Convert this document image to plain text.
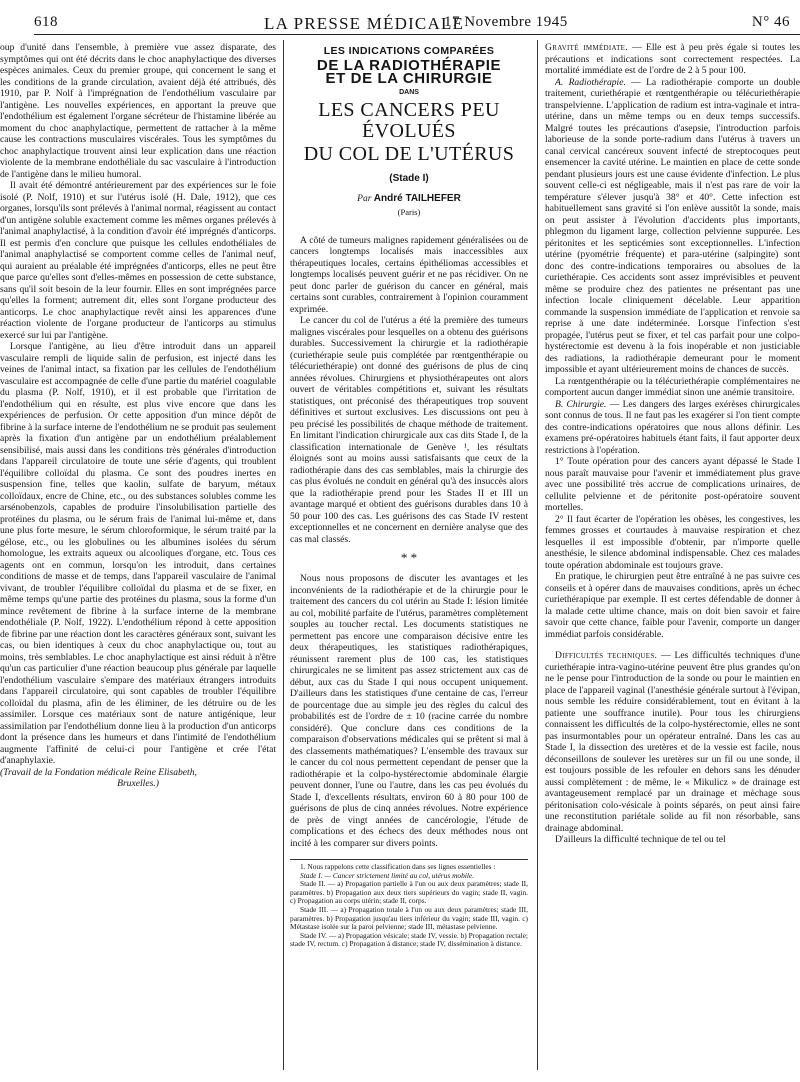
618	LA PRESSE MÉDICALE
17 Novembre 1945	N° 46

oup d'unité dans l'ensemble, à première vue assez disparate, des symptômes qui ont été décrits dans le choc anaphylactique des diverses espèces animales. Ceux du premier groupe, qui concernent le sang et les conditions de la grande circulation, avaient déjà été attribués, dès 1910, par P. Nolf à l'imprégnation de l'endothélium vasculaire par l'antigène. Les nouvelles expériences, en apportant la preuve que l'endothélium est également l'organe sécréteur de l'histamine libérée au moment du choc anaphylactique, permettent de rattacher à la même cause les contractions musculaires viscérales. Tous les symptômes du choc anaphylactique trouvent ainsi leur explication dans une réaction violente de la membrane endothéliale du sac vasculaire à l'introduction de l'antigène dans le milieu humoral.

Il avait été démontré antérieurement par des expériences sur le foie isolé (P. Nolf, 1910) et sur l'utérus isolé (H. Dale, 1912), que ces organes, lorsqu'ils sont prélevés à l'animal normal, réagissent au contact d'un antigène soluble exactement comme les mêmes organes prélevés à l'animal anaphylactisé, à la condition d'avoir été imprégnés d'anticorps. Il est permis d'en conclure que puisque les cellules endothéliales de l'animal anaphylactisé se comportent comme celles de l'animal neuf, qui auraient au préalable été imprégnées d'anticorps, elles ne peut être que parce qu'elles sont d'elles-mêmes en possession de cette substance, sans qu'il soit besoin de la leur fournir. Elles en sont imprégnées parce qu'elles la forment; autrement dit, elles sont l'organe producteur des anticorps. Le choc anaphylactique revêt ainsi les apparences d'une réaction violente de l'organe producteur de l'anticorps au stimulus exercé sur lui par l'antigène.

Lorsque l'antigène, au lieu d'être introduit dans un appareil vasculaire rempli de liquide salin de perfusion, est injecté dans les veines de l'animal intact, sa fixation par les cellules de l'endothélium vasculaire est accompagnée de celle d'une partie du matériel coagulable du plasma (P. Nolf, 1910), et il est probable que l'irritation de l'endothélium qui en résulte, est plus vive encore que dans les expériences de perfusion. Or cette apposition d'un mince dépôt de fibrine à la surface interne de l'endothélium ne se produit pas seulement après la fixation d'un antigène par un endothélium préalablement sensibilisé, mais aussi dans les conditions très générales d'introduction dans l'appareil circulatoire de toute une série d'agents, qui troublent l'équilibre colloïdal du plasma. Ce sont des poudres inertes en suspension fine, telles que kaolin, sulfate de baryum, métaux colloïdaux, encre de Chine, etc., ou des substances solubles comme les arsénobenzols, capables de produire l'insolubilisation partielle des protéines du plasma, ou le sérum frais de l'animal lui-même et, dans une plus forte mesure, le sérum chloroformique, le sérum traité par la gélose, etc., ou les globulines ou les albumines isolées du sérum homologue, les extraits aqueux ou alcooliques d'organe, etc. Tous ces agents ont en commun, lorsqu'on les introduit, dans certaines conditions de masse et de temps, dans l'appareil vasculaire de l'animal vivant, de troubler l'équilibre colloïdal du plasma et de se fixer, en même temps qu'une partie des protéines du plasma, sous la forme d'un mince revêtement de fibrine à la surface interne de la membrane endothéliale (P. Nolf, 1922). L'endothélium répond à cette apposition de fibrine par une réaction dont les caractères généraux sont, suivant les cas, ou bien identiques à ceux du choc anaphylactique ou, tout au moins, très semblables. Le choc anaphylactique est ainsi réduit à n'être qu'un cas particulier d'une réaction beaucoup plus générale par laquelle l'endothélium vasculaire s'empare des matériaux étrangers introduits dans l'appareil circulatoire, qui sont capables de troubler l'équilibre colloïdal du plasma, afin de les éliminer, de les détruire ou de les assimiler. Lorsque ces matériaux sont de nature antigénique, leur assimilation par l'endothélium donne lieu à la production d'un anticorps dont la présence dans les humeurs et dans l'intimité de l'endothélium augmente l'affinité de celui-ci pour l'antigène et crée l'état d'anaphylaxie.

(Travail de la Fondation médicale Reine Elisabeth,

Bruxelles.)

LES INDICATIONS COMPARÉES
DE LA RADIOTHÉRAPIE
ET DE LA CHIRURGIE
DANS
LES CANCERS PEU ÉVOLUÉS
DU COL DE L'UTÉRUS
(Stade I)
Par André TAILHEFER
(Paris)

A côté de tumeurs malignes rapidement généralisées ou de cancers longtemps localisés mais inaccessibles aux thérapeutiques locales, certains épithéliomas accessibles et longtemps localisés peuvent guérir et ne pas récidiver. On ne peut donc parler de guérison du cancer en général, mais certains sont curables, contrairement à l'opinion couramment exprimée.

Le cancer du col de l'utérus a été la première des tumeurs malignes viscérales pour lesquelles on a obtenu des guérisons durables. Successivement la chirurgie et la radiothérapie (curiethérapie seule puis complétée par rœntgenthérapie ou télécuriethérapie) ont donné des guérisons de plus de cinq années révolues. Chirurgiens et physiothérapeutes ont alors ouvert de véritables compétitions et, suivant les résultats statistiques, ont préconisé des thérapeutiques trop souvent définitives et surtout exclusives. Les discussions ont peu à peu précisé les possibilités de chaque méthode de traitement. En limitant l'indication chirurgicale aux cas dits Stade I, de la classification internationale de Genève ¹, les résultats éloignés sont au moins aussi satisfaisants que ceux de la radiothérapie dans des cas semblables, mais la chirurgie des cas plus évolués ne conduit en général qu'à des insuccès alors que la radiothérapie prend pour les Stades II et III un avantage marqué et obtient des guérisons durables dans 10 à 50 pour 100 des cas. Les guérisons des cas Stade IV restent exceptionnelles et ne concernent en dernière analyse que des cas mal classés.

* *

Nous nous proposons de discuter les avantages et les inconvénients de la radiothérapie et de la chirurgie pour le traitement des cancers du col utérin au Stade I: lésion limitée au col, mobilité parfaite de l'utérus, paramètres complètement souples au toucher rectal. Les documents statistiques ne permettent pas encore une comparaison décisive entre les deux thérapeutiques, les statistiques radiothérapiques, réunissent rarement plus de 100 cas, les statistiques chirurgicales ne se limitent pas assez strictement aux cas de début, aux cas du Stade I qui nous occupent uniquement. D'ailleurs dans les statistiques d'une centaine de cas, l'erreur de pourcentage due au simple jeu des règles du calcul des probabilités est de l'ordre de ± 10 (racine carrée du nombre considéré). Que conclure dans ces conditions de la comparaison d'observations médicales qui se prêtent si mal à des classements mathématiques? L'ensemble des travaux sur le cancer du col nous permettent cependant de penser que la radiothérapie et la colpo-hystérectomie abdominale élargie peuvent donner, l'une ou l'autre, dans les cas peu évolués du Stade I, d'excellents résultats, environ 60 à 80 pour 100 de guérisons de plus de cinq années révolues. Notre expérience de près de vingt années de cancérologie, l'étude de complications et des échecs des deux méthodes nous ont incité à les comparer sur divers points.

1. Nous rappelons cette classification dans ses lignes essentielles :

Stade I. — Cancer strictement limité au col, utérus mobile.

Stade II. — a) Propagation partielle à l'un ou aux deux paramètres; stade II, paramètres. b) Propagation aux deux tiers supérieurs du vagin; stade II, vagin. c) Propagation au corps utérin; stade II, corps.

Stade III. — a) Propagation totale à l'un ou aux deux paramètres; stade III, paramètres. b) Propagation jusqu'au tiers inférieur du vagin; stade III, vagin. c) Métastase isolée sur la paroi pelvienne; stade III, métastase pelvienne.

Stade IV. — a) Propagation vésicale; stade IV, vessie. b) Propagation rectale; stade IV, rectum. c) Propagation à distance; stade IV, dissémination à distance.

Gravité immédiate. — Elle est à peu près égale si toutes les précautions et indications sont correctement respectées. La mortalité immédiate est de l'ordre de 2 à 5 pour 100.

A. Radiothérapie. — La radiothérapie comporte un double traitement, curiethérapie et rœntgenthérapie ou télécuriethérapie transpelvienne. L'application de radium est intra-vaginale et intra-utérine, dans un même temps ou en deux temps successifs. Malgré toutes les précautions d'asepsie, l'introduction parfois laborieuse de la sonde porte-radium dans l'utérus à travers un canal cervical cancéreux souvent infecté de streptocoques peut ensemencer la cavité utérine. Le maintien en place de cette sonde pendant plusieurs jours est une cause évidente d'infection. Le plus souvent celle-ci est négligeable, mais il n'est pas rare de voir la température s'élever jusqu'à 38° et 40°. Cette infection est habituellement sans gravité si l'on enlève aussitôt la sonde, mais on peut assister à l'évolution d'accidents plus importants, phlegmon du ligament large, collection pelvienne suppurée. Les péritonites et les septicémies sont exceptionnelles. L'infection utérine (pyométrie fréquente) et para-utérine (salpingite) sont donc des contre-indications temporaires ou absolues de la curiethérapie. Ces accidents sont assez imprévisibles et peuvent même se produire chez des patientes ne présentant pas une infection locale cliniquement décelable. Leur apparition commande la suspension immédiate de l'application et renvoie sa reprise à une date indéterminée. Lorsque l'infection s'est propagée, l'utérus peut se fixer, et tel cas parfait pour une colpo-hystérectomie est devenu à la fois inopérable et non justiciable des radiations, la radiothérapie demeurant pour le moment impossible et ayant ultérieurement moins de chances de succès.

La rœntgenthérapie ou la télécuriethérapie complémentaires ne comportent aucun danger immédiat sinon une anémie transitoire.

B. Chirurgie. — Les dangers des larges exérèses chirurgicales sont connus de tous. Il ne faut pas les exagérer si l'on tient compte des contre-indications opératoires que nous allons définir. Les examens pré-opératoires habituels étant faits, il faut apporter deux restrictions à l'opération.

1° Toute opération pour des cancers ayant dépassé le Stade I nous paraît mauvaise pour l'avenir et immédiatement plus grave avec une possibilité très accrue de complications urinaires, de cellulite pelvienne et de péritonite post-opératoire souvent mortelles.

2° Il faut écarter de l'opération les obèses, les congestives, les femmes grosses et courtaudes à mauvaise respiration et chez lesquelles il est impossible d'obtenir, par n'importe quelle anesthésie, le silence abdominal indispensable. Chez ces malades toute opération abdominale est toujours grave.

En pratique, le chirurgien peut être entraîné à ne pas suivre ces conseils et à opérer dans de mauvaises conditions, après un échec curiethérapique par exemple. Il est certes défendable de donner à la malade cette ultime chance, mais on doit bien savoir et faire savoir que cette chance, faible pour l'avenir, comporte un danger immédiat parfois considérable.

Difficultés techniques. — Les difficultés techniques d'une curiethérapie intra-vagino-utérine peuvent être plus grandes qu'on ne le pense pour l'introduction de la sonde ou pour le maintien en place de l'appareil vaginal (l'anesthésie générale surtout à l'évipan, nous semble les réduire considérablement, tout en évitant à la patiente une souffrance inutile). Pour tous les chirurgiens connaissent les difficultés de la colpo-hystérectomie, elles ne sont pas insurmontables pour un opérateur entraîné. Dans les cas au Stade I, la dissection des uretères et de la vessie est facile, nous déconseillons de soulever les uretères sur un fil ou une sonde, il est toujours possible de les refouler en dehors sans les dénuder aussi complètement : de même, le « Mikulicz » de drainage est avantageusement remplacé par un drainage et mèchage sous péritonisation colo-vésicale à points séparés, on peut ainsi faire une reconstitution pariétale solide au fil non résorbable, sans drainage abdominal.

D'ailleurs la difficulté technique de tel ou tel
